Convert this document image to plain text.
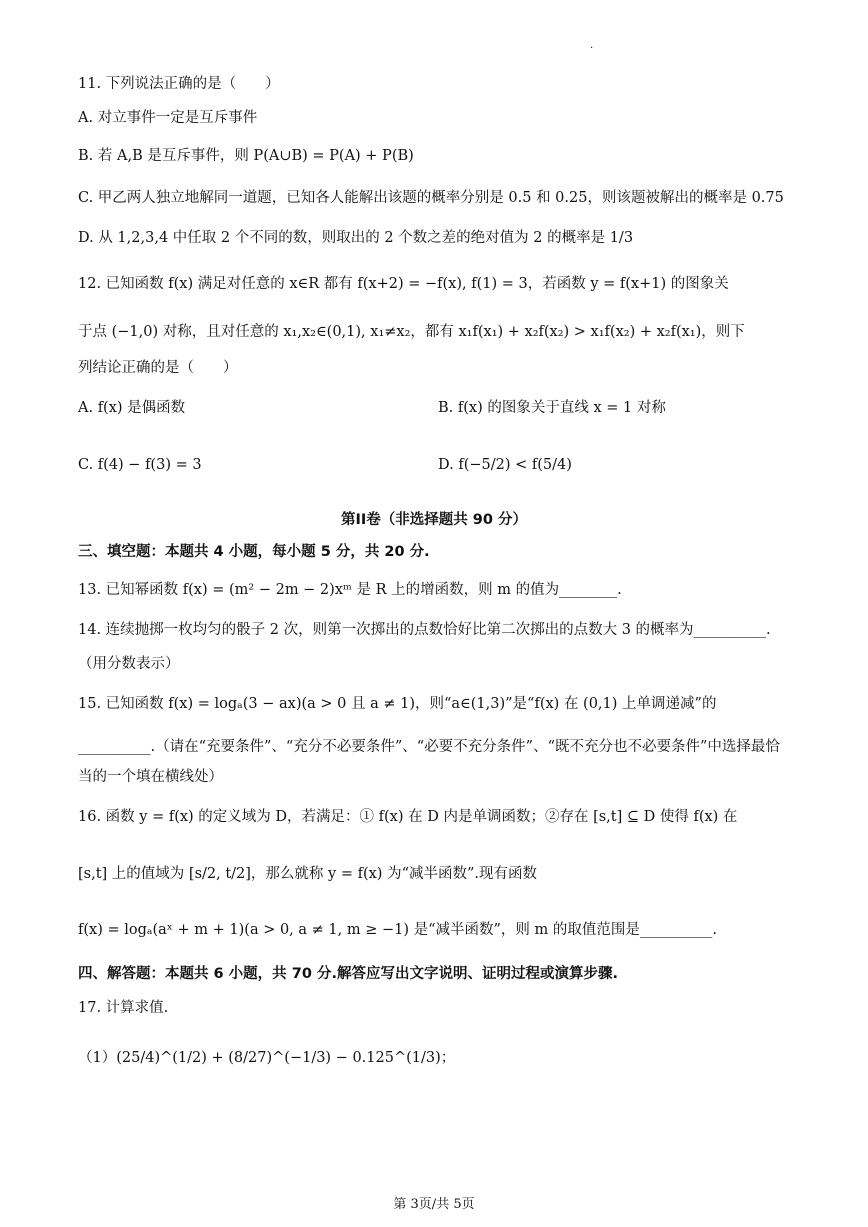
.
11. 下列说法正确的是（　　）
A. 对立事件一定是互斥事件
B. 若 A,B 是互斥事件，则 P(A∪B) = P(A) + P(B)
C. 甲乙两人独立地解同一道题，已知各人能解出该题的概率分别是 0.5 和 0.25，则该题被解出的概率是 0.75
D. 从 1,2,3,4 中任取 2 个不同的数，则取出的 2 个数之差的绝对值为 2 的概率是 1/3
12. 已知函数 f(x) 满足对任意的 x∈R 都有 f(x+2) = −f(x), f(1) = 3，若函数 y = f(x+1) 的图象关
于点 (−1,0) 对称，且对任意的 x₁,x₂∈(0,1), x₁≠x₂，都有 x₁f(x₁) + x₂f(x₂) > x₁f(x₂) + x₂f(x₁)，则下
列结论正确的是（　　）
A. f(x) 是偶函数	B. f(x) 的图象关于直线 x = 1 对称
C. f(4) − f(3) = 3	D. f(−5/2) < f(5/4)
第II卷（非选择题共 90 分）
三、填空题：本题共 4 小题，每小题 5 分，共 20 分.
13. 已知幂函数 f(x) = (m² − 2m − 2)xᵐ 是 R 上的增函数，则 m 的值为________.
14. 连续抛掷一枚均匀的骰子 2 次，则第一次掷出的点数恰好比第二次掷出的点数大 3 的概率为__________.
（用分数表示）
15. 已知函数 f(x) = logₐ(3 − ax)(a > 0 且 a ≠ 1)，则“a∈(1,3)”是“f(x) 在 (0,1) 上单调递减”的
__________.（请在“充要条件”、“充分不必要条件”、“必要不充分条件”、“既不充分也不必要条件”中选择最恰
当的一个填在横线处）
16. 函数 y = f(x) 的定义域为 D，若满足：① f(x) 在 D 内是单调函数；②存在 [s,t] ⊆ D 使得 f(x) 在
[s,t] 上的值域为 [s/2, t/2]，那么就称 y = f(x) 为“减半函数”.现有函数
f(x) = logₐ(aˣ + m + 1)(a > 0, a ≠ 1, m ≥ −1) 是“减半函数”，则 m 的取值范围是__________.
四、解答题：本题共 6 小题，共 70 分.解答应写出文字说明、证明过程或演算步骤.
17. 计算求值.
（1）(25/4)^(1/2) + (8/27)^(−1/3) − 0.125^(1/3)；
第 3页/共 5页
